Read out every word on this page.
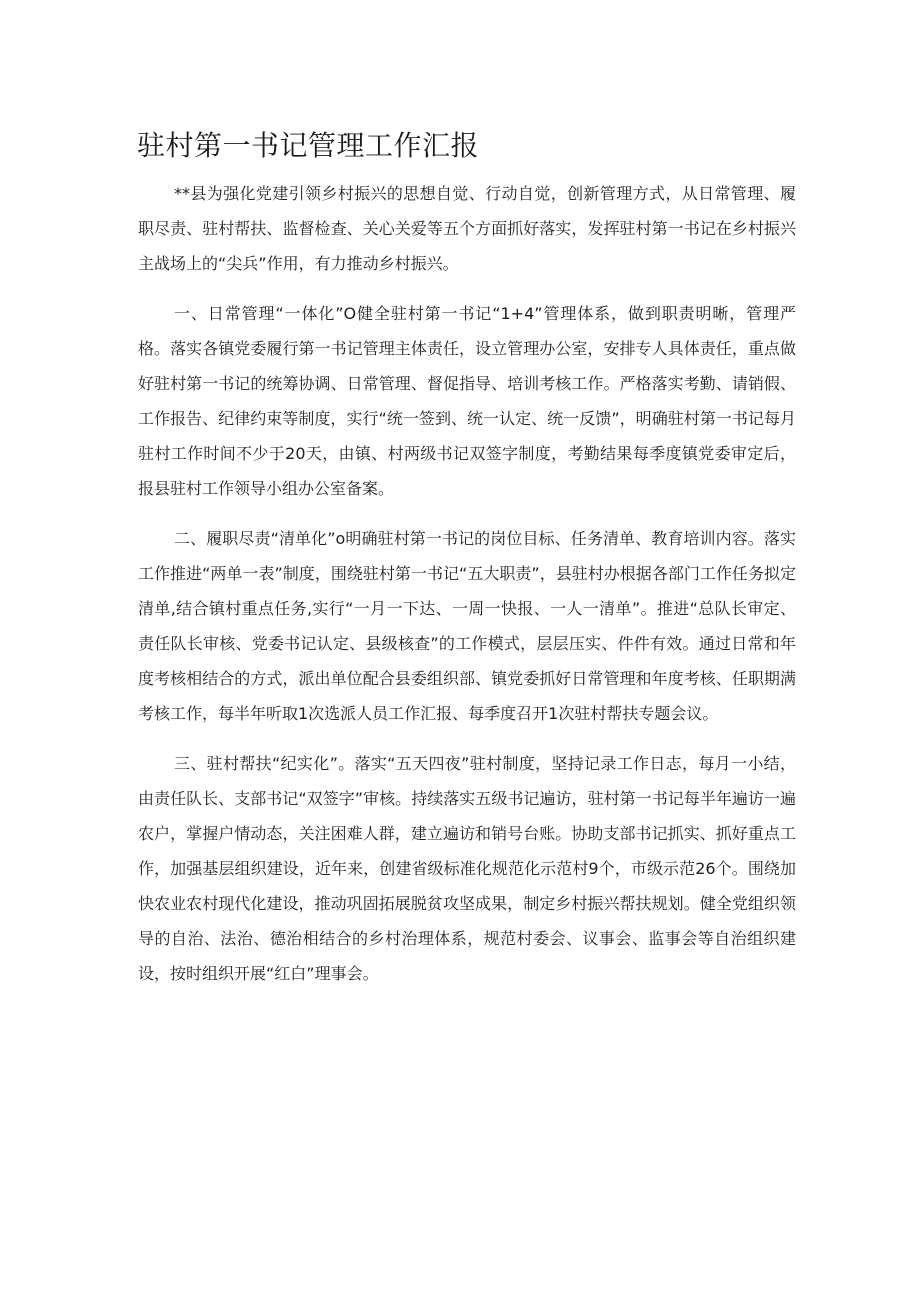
驻村第一书记管理工作汇报

**县为强化党建引领乡村振兴的思想自觉、行动自觉，创新管理方式，从日常管理、履职尽责、驻村帮扶、监督检查、关心关爱等五个方面抓好落实，发挥驻村第一书记在乡村振兴主战场上的“尖兵”作用，有力推动乡村振兴。

一、日常管理“一体化”O健全驻村第一书记“1+4”管理体系，做到职责明晰，管理严格。落实各镇党委履行第一书记管理主体责任，设立管理办公室，安排专人具体责任，重点做好驻村第一书记的统筹协调、日常管理、督促指导、培训考核工作。严格落实考勤、请销假、工作报告、纪律约束等制度，实行“统一签到、统一认定、统一反馈”，明确驻村第一书记每月驻村工作时间不少于20天，由镇、村两级书记双签字制度，考勤结果每季度镇党委审定后，报县驻村工作领导小组办公室备案。

二、履职尽责“清单化”o明确驻村第一书记的岗位目标、任务清单、教育培训内容。落实工作推进“两单一表”制度，围绕驻村第一书记“五大职责”，县驻村办根据各部门工作任务拟定清单,结合镇村重点任务,实行“一月一下达、一周一快报、一人一清单”。推进“总队长审定、责任队长审核、党委书记认定、县级核查”的工作模式，层层压实、件件有效。通过日常和年度考核相结合的方式，派出单位配合县委组织部、镇党委抓好日常管理和年度考核、任职期满考核工作，每半年听取1次选派人员工作汇报、每季度召开1次驻村帮扶专题会议。

三、驻村帮扶“纪实化”。落实“五天四夜”驻村制度，坚持记录工作日志，每月一小结，由责任队长、支部书记“双签字”审核。持续落实五级书记遍访，驻村第一书记每半年遍访一遍农户，掌握户情动态，关注困难人群，建立遍访和销号台账。协助支部书记抓实、抓好重点工作，加强基层组织建设，近年来，创建省级标准化规范化示范村9个，市级示范26个。围绕加快农业农村现代化建设，推动巩固拓展脱贫攻坚成果，制定乡村振兴帮扶规划。健全党组织领导的自治、法治、德治相结合的乡村治理体系，规范村委会、议事会、监事会等自治组织建设，按时组织开展“红白”理事会。
